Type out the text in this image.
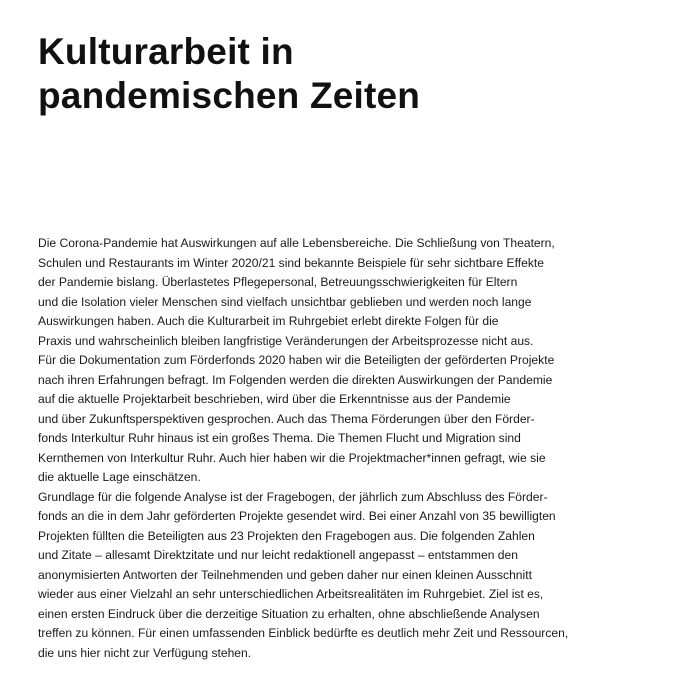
Kulturarbeit in
pandemischen Zeiten
Die Corona-Pandemie hat Auswirkungen auf alle Lebensbereiche. Die Schließung von Theatern,
Schulen und Restaurants im Winter 2020/21 sind bekannte Beispiele für sehr sichtbare Effekte
der Pandemie bislang. Überlastetes Pflegepersonal, Betreuungsschwierigkeiten für Eltern
und die Isolation vieler Menschen sind vielfach unsichtbar geblieben und werden noch lange
Auswirkungen haben. Auch die Kulturarbeit im Ruhrgebiet erlebt direkte Folgen für die
Praxis und wahrscheinlich bleiben langfristige Veränderungen der Arbeitsprozesse nicht aus.
Für die Dokumentation zum Förderfonds 2020 haben wir die Beteiligten der geförderten Projekte
nach ihren Erfahrungen befragt. Im Folgenden werden die direkten Auswirkungen der Pandemie
auf die aktuelle Projektarbeit beschrieben, wird über die Erkenntnisse aus der Pandemie
und über Zukunftsperspektiven gesprochen. Auch das Thema Förderungen über den Förder-
fonds Interkultur Ruhr hinaus ist ein großes Thema. Die Themen Flucht und Migration sind
Kernthemen von Interkultur Ruhr. Auch hier haben wir die Projektmacher*innen gefragt, wie sie
die aktuelle Lage einschätzen.
Grundlage für die folgende Analyse ist der Fragebogen, der jährlich zum Abschluss des Förder-
fonds an die in dem Jahr geförderten Projekte gesendet wird. Bei einer Anzahl von 35 bewilligten
Projekten füllten die Beteiligten aus 23 Projekten den Fragebogen aus. Die folgenden Zahlen
und Zitate – allesamt Direktzitate und nur leicht redaktionell angepasst – entstammen den
anonymisierten Antworten der Teilnehmenden und geben daher nur einen kleinen Ausschnitt
wieder aus einer Vielzahl an sehr unterschiedlichen Arbeitsrealitäten im Ruhrgebiet. Ziel ist es,
einen ersten Eindruck über die derzeitige Situation zu erhalten, ohne abschließende Analysen
treffen zu können. Für einen umfassenden Einblick bedürfte es deutlich mehr Zeit und Ressourcen,
die uns hier nicht zur Verfügung stehen.
